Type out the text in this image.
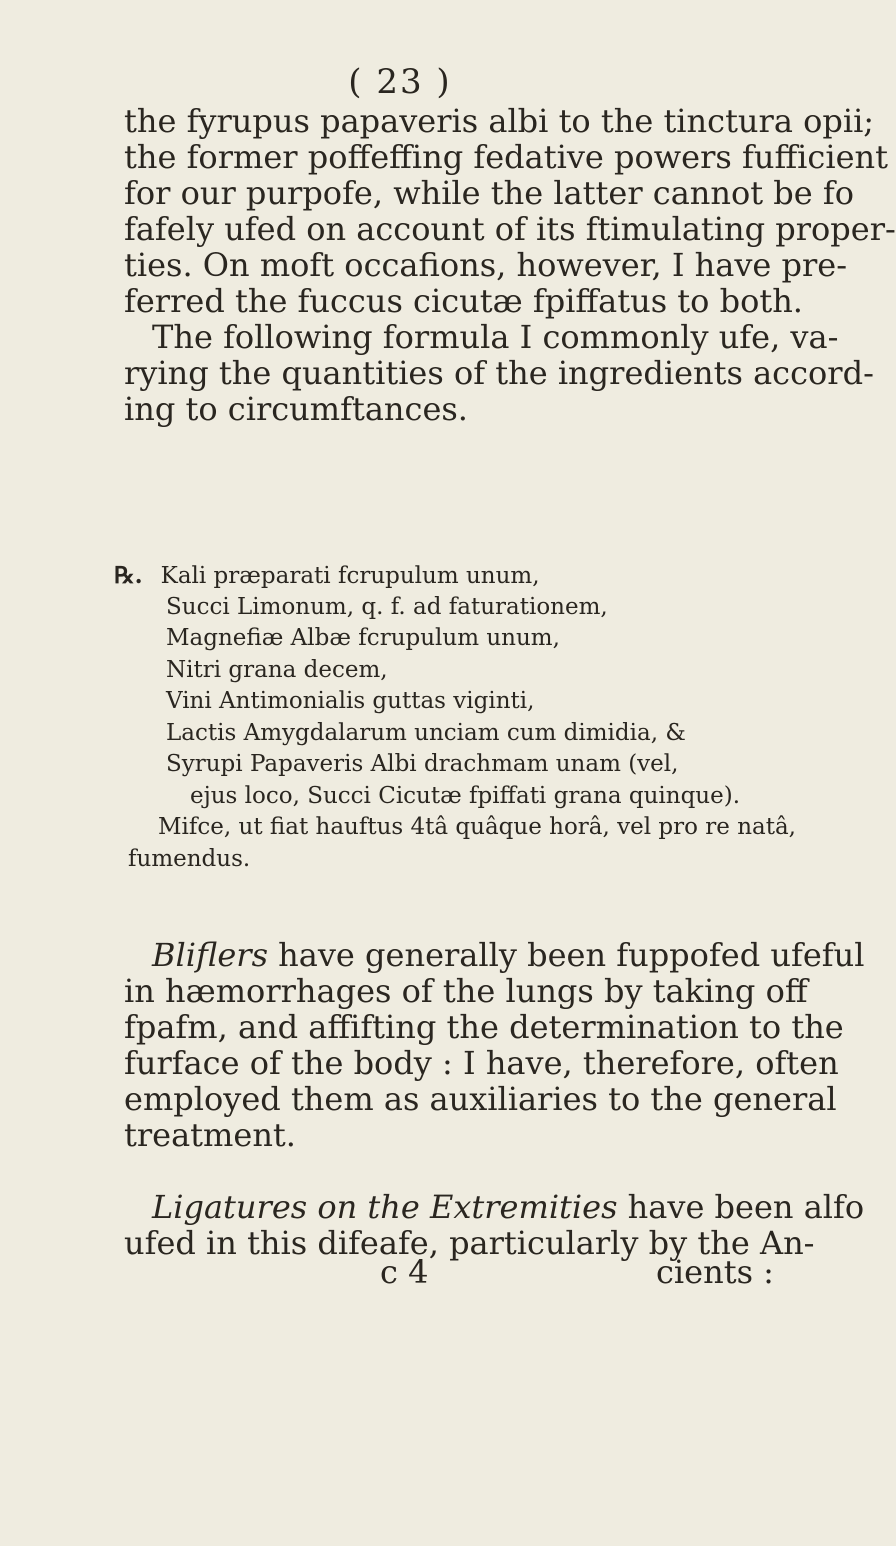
( 23 )
the fyrupus papaveris albi to the tinctura opii;
the former poffeffing fedative powers fufficient
for our purpofe, while the latter cannot be fo
fafely ufed on account of its ftimulating proper-
ties. On moft occafions, however, I have pre-
ferred the fuccus cicutæ fpiffatus to both.
The following formula I commonly ufe, va-
rying the quantities of the ingredients accord-
ing to circumftances.
℞. Kali præparati fcrupulum unum,
Succi Limonum, q. f. ad faturationem,
Magnefiæ Albæ fcrupulum unum,
Nitri grana decem,
Vini Antimonialis guttas viginti,
Lactis Amygdalarum unciam cum dimidia, &
Syrupi Papaveris Albi drachmam unam (vel,
ejus loco, Succi Cicutæ fpiffati grana quinque).
Mifce, ut fiat hauftus 4tâ quâque horâ, vel pro re natâ,
fumendus.
Bliflers have generally been fuppofed ufeful
in hæmorrhages of the lungs by taking off
fpafm, and affifting the determination to the
furface of the body : I have, therefore, often
employed them as auxiliaries to the general
treatment.
Ligatures on the Extremities have been alfo
ufed in this difeafe, particularly by the An-
c 4	cients :
